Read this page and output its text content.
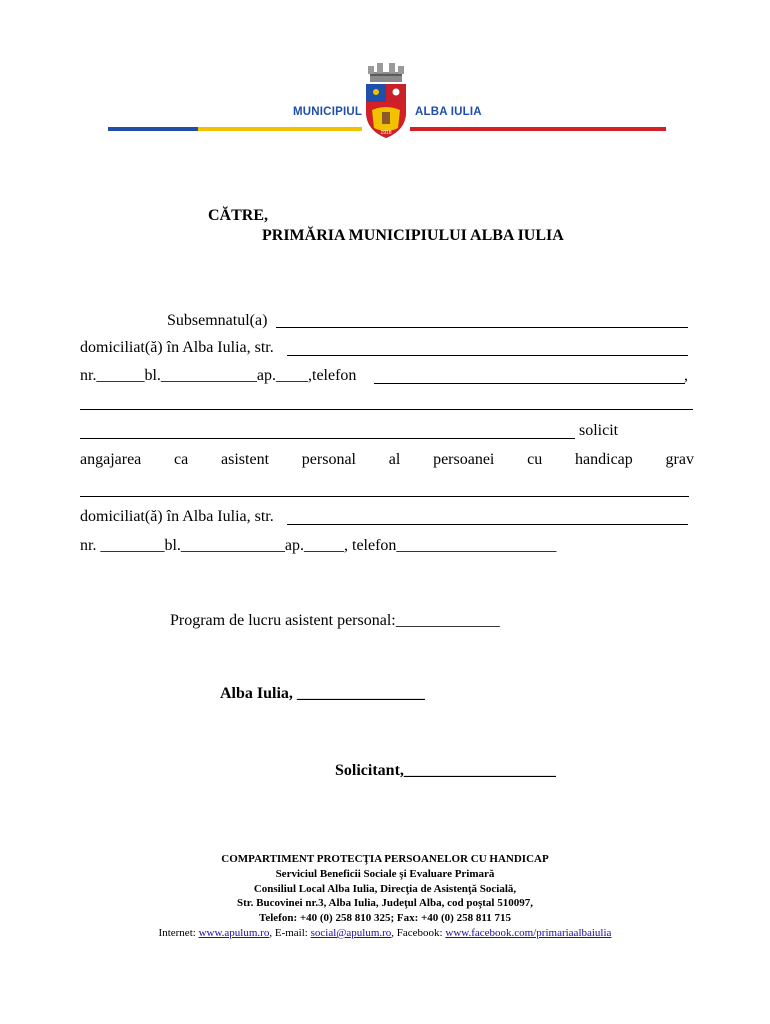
MUNICIPIUL	ALBA IULIA
1918
CĂTRE,
PRIMĂRIA MUNICIPIULUI ALBA IULIA
Subsemnatul(a)
domiciliat(ă) în Alba Iulia, str.
nr.______bl.____________ap.____,telefon	,
solicit
angajarea ca asistent personal al persoanei cu handicap grav
domiciliat(ă) în Alba Iulia, str.
nr. ________bl._____________ap._____, telefon____________________
Program de lucru asistent personal:_____________
Alba Iulia, ________________
Solicitant,___________________
COMPARTIMENT PROTECŢIA PERSOANELOR CU HANDICAP
Serviciul Beneficii Sociale şi Evaluare Primară
Consiliul Local Alba Iulia, Direcţia de Asistenţă Socială,
Str. Bucovinei nr.3, Alba Iulia, Judeţul Alba, cod poştal 510097,
Telefon: +40 (0) 258 810 325; Fax: +40 (0) 258 811 715
Internet: www.apulum.ro, E-mail: social@apulum.ro, Facebook: www.facebook.com/primariaalbaiulia
